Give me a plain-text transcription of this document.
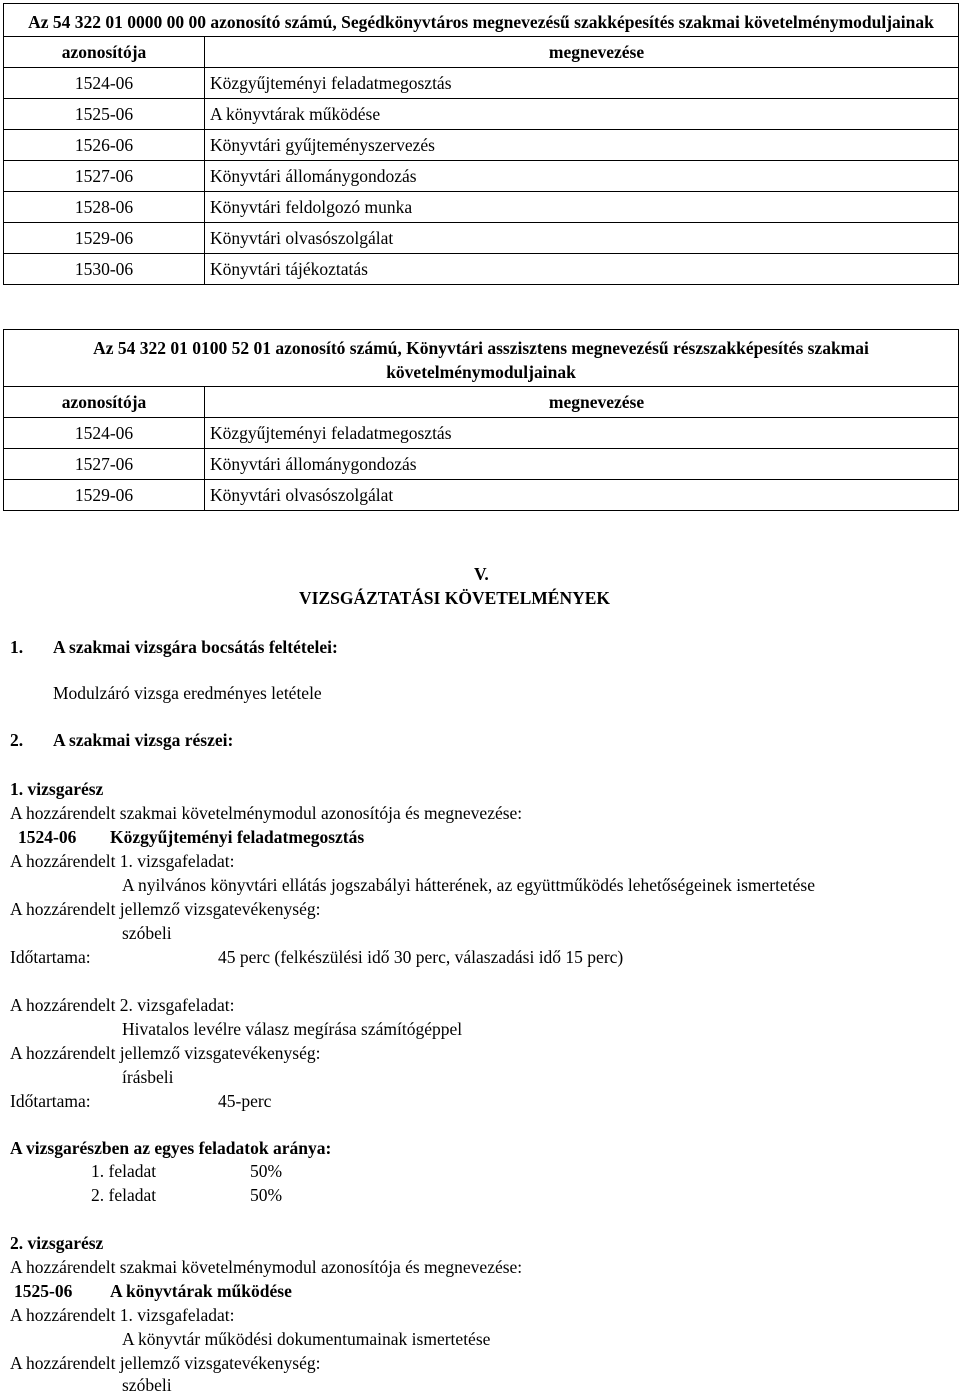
Az 54 322 01 0000 00 00 azonosító számú, Segédkönyvtáros megnevezésű szakképesítés szakmai követelménymoduljainak	
azonosítója	megnevezése
1524-06	Közgyűjteményi feladatmegosztás
1525-06	A könyvtárak működése
1526-06	Könyvtári gyűjteményszervezés
1527-06	Könyvtári állománygondozás
1528-06	Könyvtári feldolgozó munka
1529-06	Könyvtári olvasószolgálat
1530-06	Könyvtári tájékoztatás
Az 54 322 01 0100 52 01 azonosító számú, Könyvtári asszisztens megnevezésű részszakképesítés szakmai követelménymoduljainak	
azonosítója	megnevezése
1524-06	Közgyűjteményi feladatmegosztás
1527-06	Könyvtári állománygondozás
1529-06	Könyvtári olvasószolgálat
V.
VIZSGÁZTATÁSI KÖVETELMÉNYEK
1. A szakmai vizsgára bocsátás feltételei:
Modulzáró vizsga eredményes letétele
2. A szakmai vizsga részei:
1. vizsgarész
A hozzárendelt szakmai követelménymodul azonosítója és megnevezése:
1524-06 Közgyűjteményi feladatmegosztás
A hozzárendelt 1. vizsgafeladat:
A nyilvános könyvtári ellátás jogszabályi hátterének, az együttműködés lehetőségeinek ismertetése
A hozzárendelt jellemző vizsgatevékenység:
szóbeli
Időtartama:	45 perc (felkészülési idő 30 perc, válaszadási idő 15 perc)
A hozzárendelt 2. vizsgafeladat:
Hivatalos levélre válasz megírása számítógéppel
A hozzárendelt jellemző vizsgatevékenység:
írásbeli
Időtartama:	45-perc
A vizsgarészben az egyes feladatok aránya:
1. feladat	50%
2. feladat	50%
2. vizsgarész
A hozzárendelt szakmai követelménymodul azonosítója és megnevezése:
1525-06 A könyvtárak működése
A hozzárendelt 1. vizsgafeladat:
A könyvtár működési dokumentumainak ismertetése
A hozzárendelt jellemző vizsgatevékenység:
szóbeli
